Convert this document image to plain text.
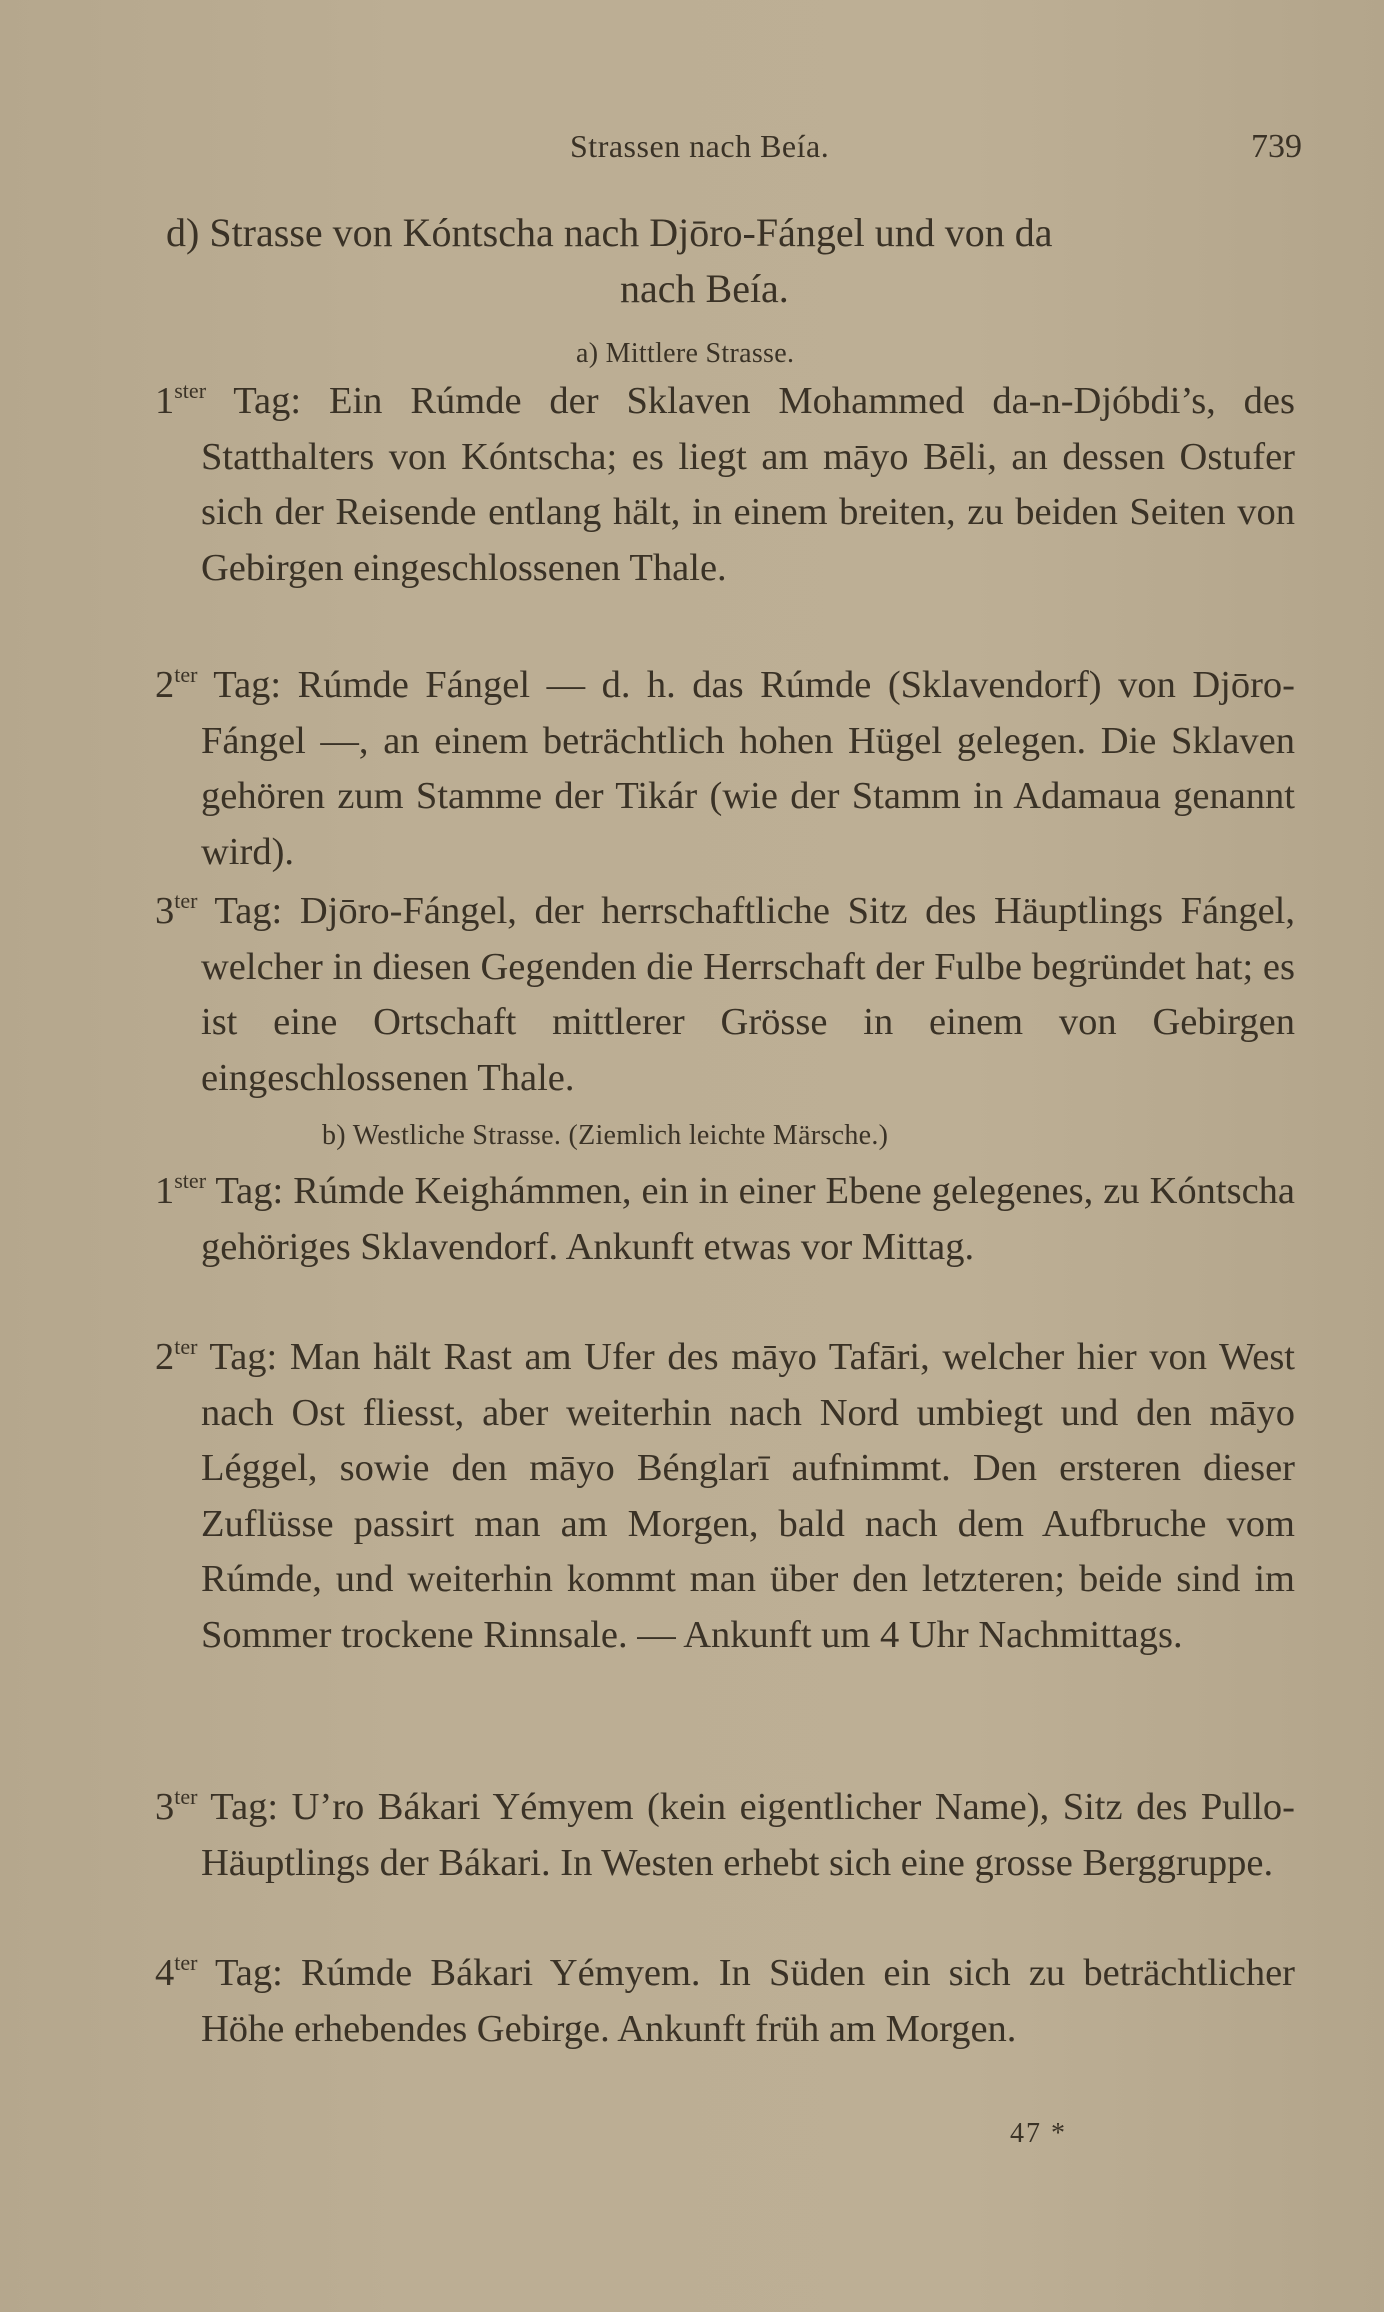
Strassen nach Beía.	739
d) Strasse von Kóntscha nach Djōro-Fángel und von da
nach Beía.
a) Mittlere Strasse.

$1^{ster}$ Tag: Ein Rúmde der Sklaven Mohammed da-n-Djóbdi’s, des Statthalters von Kóntscha; es liegt am māyo Bēli, an dessen Ostufer sich der Reisende entlang hält, in einem breiten, zu beiden Seiten von Gebirgen eingeschlossenen Thale.

$2^{ter}$ Tag: Rúmde Fángel — d. h. das Rúmde (Sklavendorf) von Djōro-Fángel —, an einem beträchtlich hohen Hügel gelegen. Die Sklaven gehören zum Stamme der Tikár (wie der Stamm in Adamaua genannt wird).

$3^{ter}$ Tag: Djōro-Fángel, der herrschaftliche Sitz des Häuptlings Fángel, welcher in diesen Gegenden die Herrschaft der Fulbe begründet hat; es ist eine Ortschaft mittlerer Grösse in einem von Gebirgen eingeschlossenen Thale.

b) Westliche Strasse. (Ziemlich leichte Märsche.)

$1^{ster}$ Tag: Rúmde Keighámmen, ein in einer Ebene gelegenes, zu Kóntscha gehöriges Sklavendorf. Ankunft etwas vor Mittag.

$2^{ter}$ Tag: Man hält Rast am Ufer des māyo Tafāri, welcher hier von West nach Ost fliesst, aber weiterhin nach Nord umbiegt und den māyo Léggel, sowie den māyo Bénglarī aufnimmt. Den ersteren dieser Zuflüsse passirt man am Morgen, bald nach dem Aufbruche vom Rúmde, und weiterhin kommt man über den letzteren; beide sind im Sommer trockene Rinnsale. — Ankunft um 4 Uhr Nachmittags.

$3^{ter}$ Tag: U’ro Bákari Yémyem (kein eigentlicher Name), Sitz des Pullo-Häuptlings der Bákari. In Westen erhebt sich eine grosse Berggruppe.

$4^{ter}$ Tag: Rúmde Bákari Yémyem. In Süden ein sich zu beträchtlicher Höhe erhebendes Gebirge. Ankunft früh am Morgen.

47 *
